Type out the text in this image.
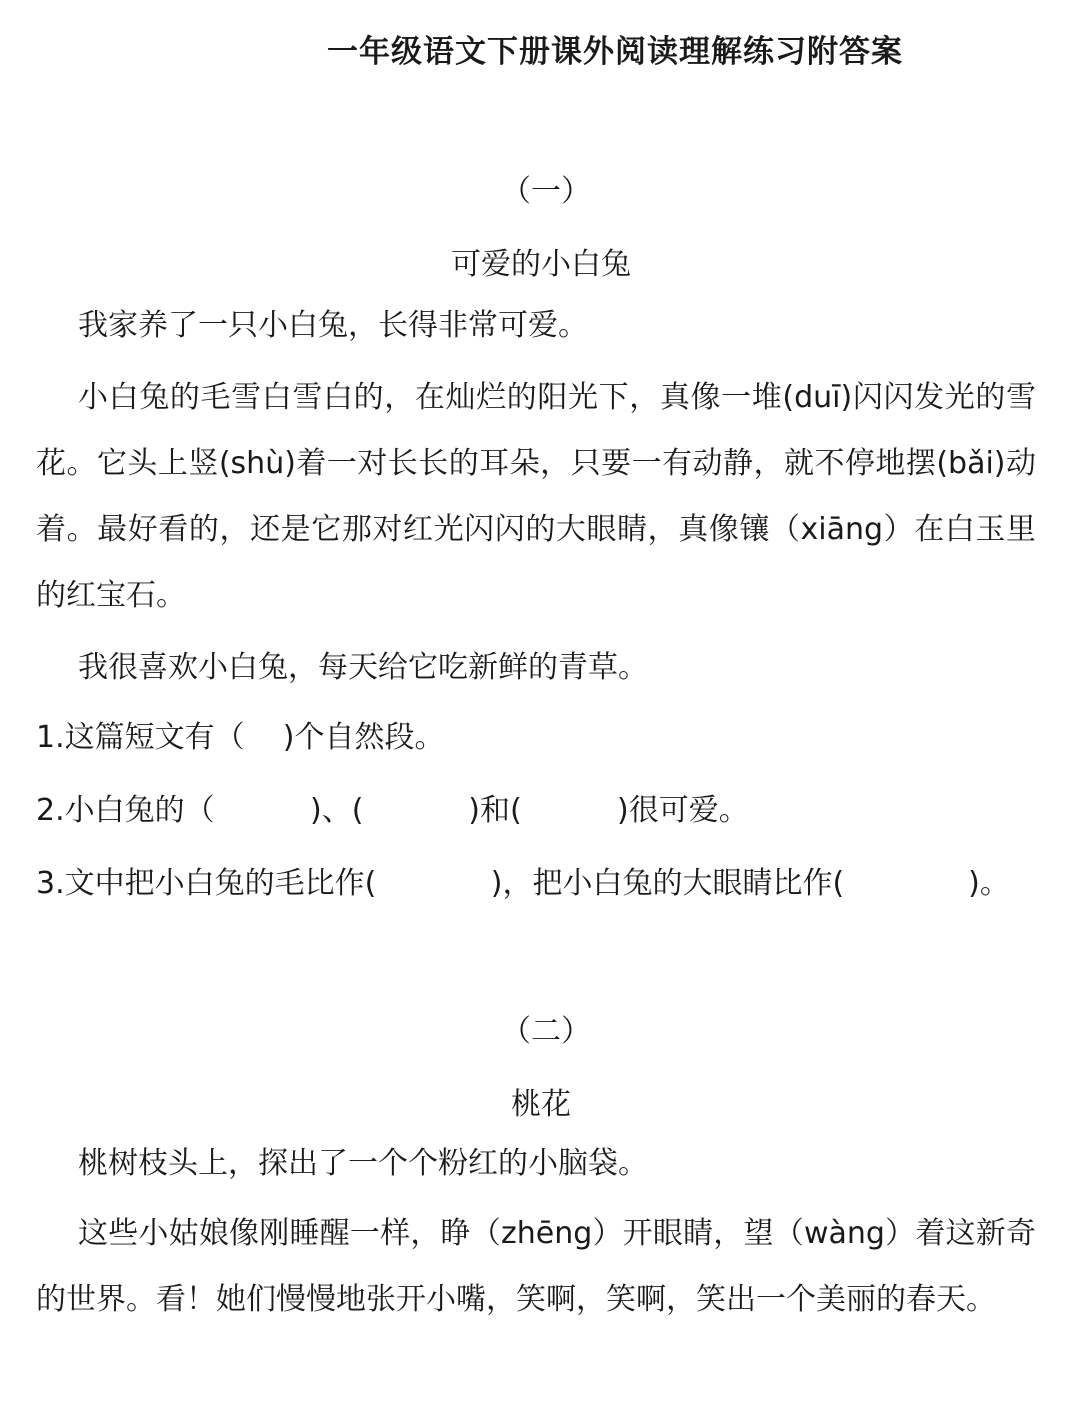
一年级语文下册课外阅读理解练习附答案
（一）
可爱的小白兔

我家养了一只小白兔，长得非常可爱。

小白兔的毛雪白雪白的，在灿烂的阳光下，真像一堆(duī)闪闪发光的雪花。它头上竖(shù)着一对长长的耳朵，只要一有动静，就不停地摆(bǎi)动着。最好看的，还是它那对红光闪闪的大眼睛，真像镶（xiāng）在白玉里的红宝石。

我很喜欢小白兔，每天给它吃新鲜的青草。

1.这篇短文有（    )个自然段。

2.小白兔的（          )、(           )和(          )很可爱。

3.文中把小白兔的毛比作(            )，把小白兔的大眼睛比作(             )。

（二）
桃花

桃树枝头上，探出了一个个粉红的小脑袋。

这些小姑娘像刚睡醒一样，睁（zhēng）开眼睛，望（wàng）着这新奇的世界。看！她们慢慢地张开小嘴，笑啊，笑啊，笑出一个美丽的春天。
